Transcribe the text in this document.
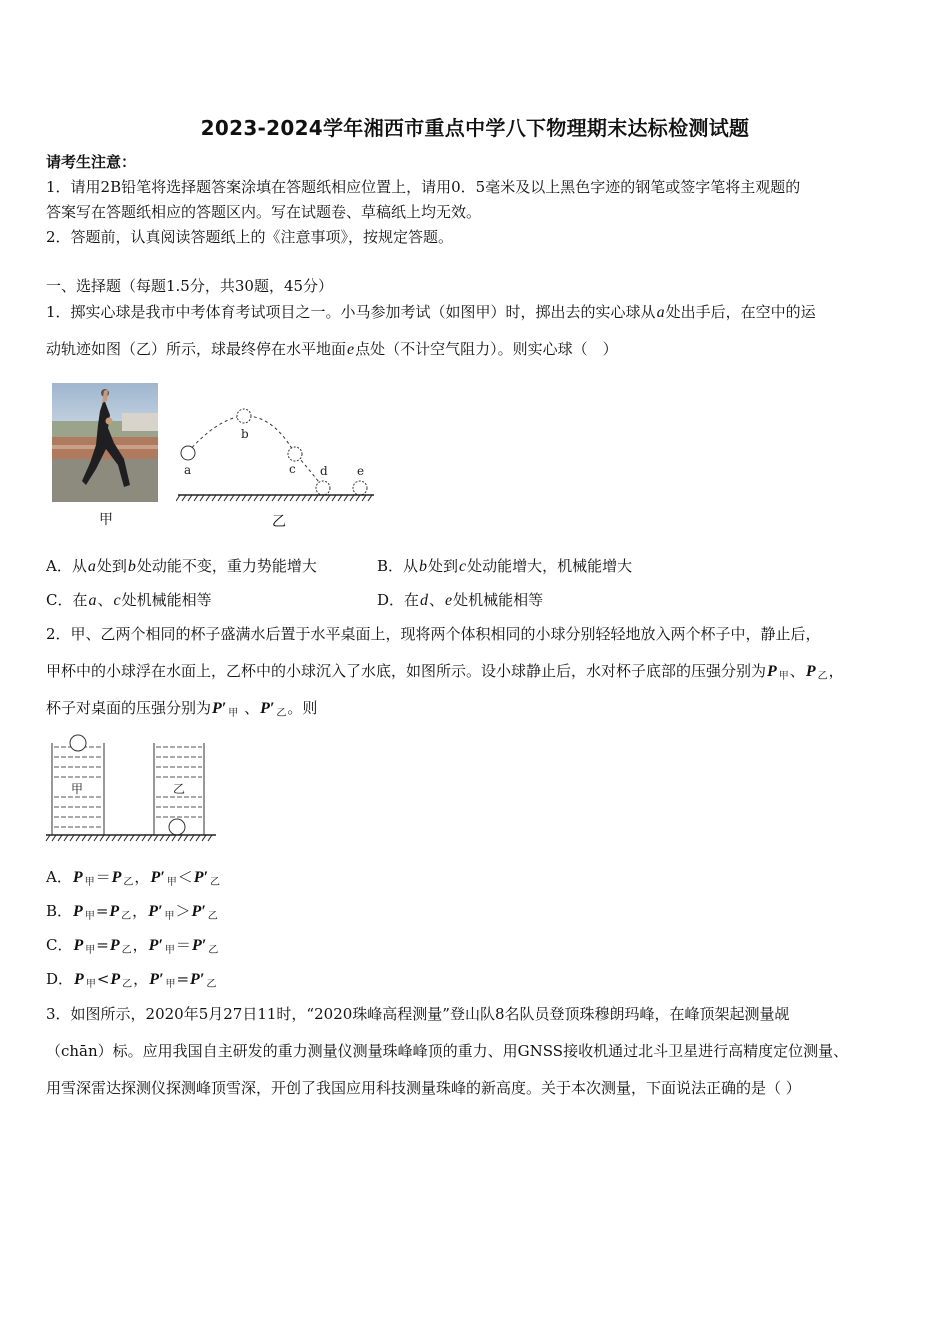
2023-2024学年湘西市重点中学八下物理期末达标检测试题
请考生注意：
1．请用2B铅笔将选择题答案涂填在答题纸相应位置上，请用0．5毫米及以上黑色字迹的钢笔或签字笔将主观题的
答案写在答题纸相应的答题区内。写在试题卷、草稿纸上均无效。
2．答题前，认真阅读答题纸上的《注意事项》，按规定答题。
一、选择题（每题1.5分，共30题，45分）
1．掷实心球是我市中考体育考试项目之一。小马参加考试（如图甲）时，掷出去的实心球从a处出手后，在空中的运
动轨迹如图（乙）所示，球最终停在水平地面e点处（不计空气阻力）。则实心球（　）
甲
a
b
c d e
乙
A．从a处到b处动能不变，重力势能增大	B．从b处到c处动能增大，机械能增大
C．在a、c处机械能相等	D．在d、e处机械能相等
2．甲、乙两个相同的杯子盛满水后置于水平桌面上，现将两个体积相同的小球分别轻轻地放入两个杯子中，静止后，
甲杯中的小球浮在水面上，乙杯中的小球沉入了水底，如图所示。设小球静止后，水对杯子底部的压强分别为P $_甲$、P $_乙$，
杯子对桌面的压强分别为P′ $_甲$ 、P′ $_乙$。则
甲	乙
A．P $_甲$＝P $_乙$，P′ $_甲$＜P′ $_乙$
B．P $_甲$=P $_乙$，P′ $_甲$＞P′ $_乙$
C．P $_甲$=P $_乙$，P′ $_甲$＝P′ $_乙$
D．P $_甲$<P $_乙$，P′ $_甲$=P′ $_乙$
3．如图所示，2020年5月27日11时，“2020珠峰高程测量”登山队8名队员登顶珠穆朗玛峰，在峰顶架起测量觇
（chān）标。应用我国自主研发的重力测量仪测量珠峰峰顶的重力、用GNSS接收机通过北斗卫星进行高精度定位测量、
用雪深雷达探测仪探测峰顶雪深，开创了我国应用科技测量珠峰的新高度。关于本次测量，下面说法正确的是（ ）
